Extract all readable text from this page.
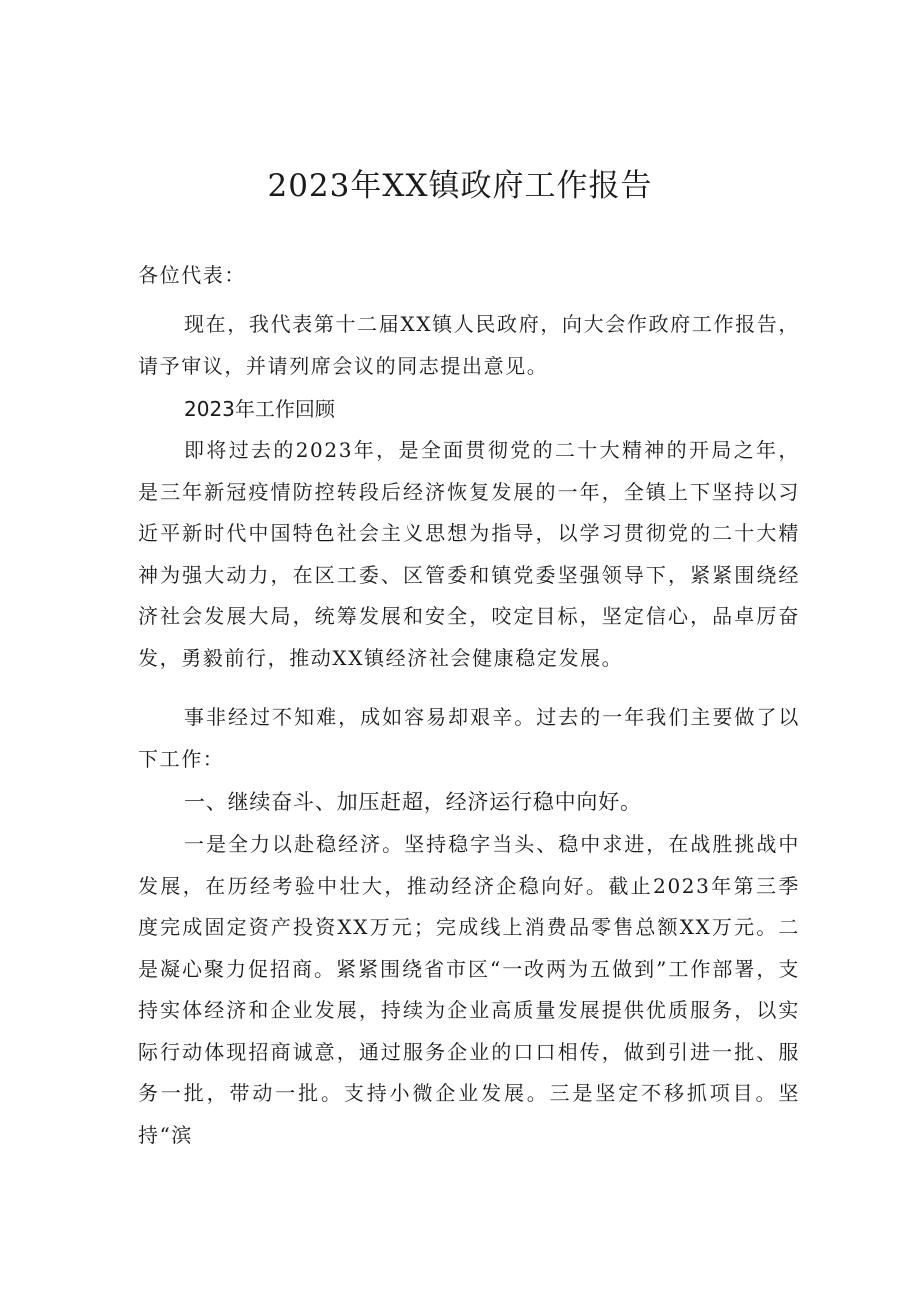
2023年XX镇政府工作报告

各位代表：

现在，我代表第十二届XX镇人民政府，向大会作政府工作报告，请予审议，并请列席会议的同志提出意见。

2023年工作回顾

即将过去的2023年，是全面贯彻党的二十大精神的开局之年，是三年新冠疫情防控转段后经济恢复发展的一年，全镇上下坚持以习近平新时代中国特色社会主义思想为指导，以学习贯彻党的二十大精神为强大动力，在区工委、区管委和镇党委坚强领导下，紧紧围绕经济社会发展大局，统筹发展和安全，咬定目标，坚定信心，品卓厉奋发，勇毅前行，推动XX镇经济社会健康稳定发展。

事非经过不知难，成如容易却艰辛。过去的一年我们主要做了以下工作：

一、继续奋斗、加压赶超，经济运行稳中向好。

一是全力以赴稳经济。坚持稳字当头、稳中求进，在战胜挑战中发展，在历经考验中壮大，推动经济企稳向好。截止2023年第三季度完成固定资产投资XX万元；完成线上消费品零售总额XX万元。二是凝心聚力促招商。紧紧围绕省市区“一改两为五做到”工作部署，支持实体经济和企业发展，持续为企业高质量发展提供优质服务，以实际行动体现招商诚意，通过服务企业的口口相传，做到引进一批、服务一批，带动一批。支持小微企业发展。三是坚定不移抓项目。坚持“滨
